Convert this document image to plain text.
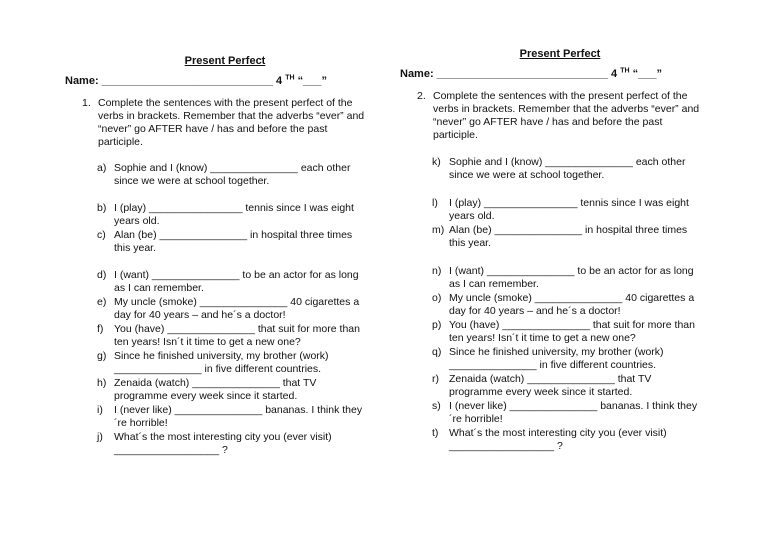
Present Perfect

Name: ____________________________ 4 $^{TH}$ “___”
1. Complete the sentences with the present perfect of the verbs in brackets. Remember that the adverbs “ever” and “never” go AFTER have / has and before the past participle.
a) Sophie and I (know) _______________ each other since we were at school together.
b) I (play) ________________ tennis since I was eight years old.
c) Alan (be) _______________ in hospital three times this year.
d) I (want) _______________ to be an actor for as long as I can remember.
e) My uncle (smoke) _______________ 40 cigarettes a day for 40 years – and he´s a doctor!
f) You (have) _______________ that suit for more than ten years! Isn´t it time to get a new one?
g) Since he finished university, my brother (work) _______________ in five different countries.
h) Zenaida (watch) _______________ that TV programme every week since it started.
i) I (never like) _______________ bananas. I think they´re horrible!
j) What´s the most interesting city you (ever visit) __________________ ?

Present Perfect

Name: ____________________________ 4 $^{TH}$ “___”
2. Complete the sentences with the present perfect of the verbs in brackets. Remember that the adverbs “ever” and “never” go AFTER have / has and before the past participle.
k) Sophie and I (know) _______________ each other since we were at school together.
l) I (play) ________________ tennis since I was eight years old.
m) Alan (be) _______________ in hospital three times this year.
n) I (want) _______________ to be an actor for as long as I can remember.
o) My uncle (smoke) _______________ 40 cigarettes a day for 40 years – and he´s a doctor!
p) You (have) _______________ that suit for more than ten years! Isn´t it time to get a new one?
q) Since he finished university, my brother (work) _______________ in five different countries.
r) Zenaida (watch) _______________ that TV programme every week since it started.
s) I (never like) _______________ bananas. I think they´re horrible!
t) What´s the most interesting city you (ever visit) __________________ ?
